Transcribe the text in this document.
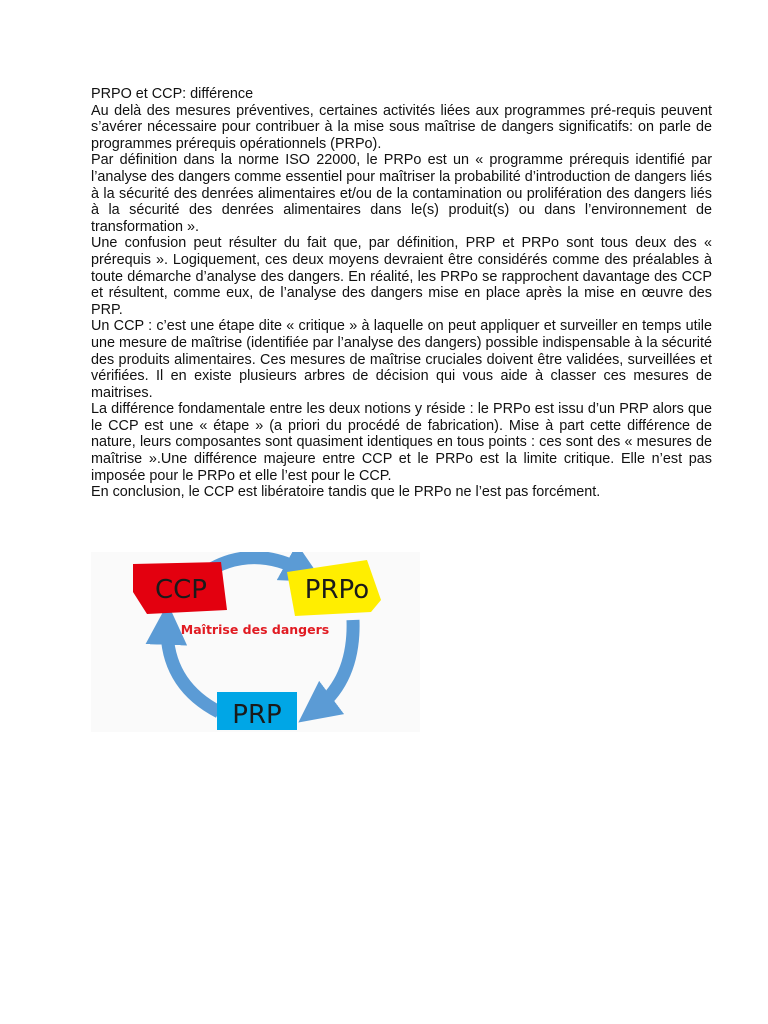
PRPO et CCP: différence

Au delà des mesures préventives, certaines activités liées aux programmes pré-requis peuvent s’avérer nécessaire pour contribuer à la mise sous maîtrise de dangers significatifs: on parle de programmes prérequis opérationnels (PRPo).

Par définition dans la norme ISO 22000, le PRPo est un « programme prérequis identifié par l’analyse des dangers comme essentiel pour maîtriser la probabilité d’introduction de dangers liés à la sécurité des denrées alimentaires et/ou de la contamination ou prolifération des dangers liés à la sécurité des denrées alimentaires dans le(s) produit(s) ou dans l’environnement de transformation ».

Une confusion peut résulter du fait que, par définition, PRP et PRPo sont tous deux des « prérequis ». Logiquement, ces deux moyens devraient être considérés comme des préalables à toute démarche d’analyse des dangers. En réalité, les PRPo se rapprochent davantage des CCP et résultent, comme eux, de l’analyse des dangers mise en place après la mise en œuvre des PRP.

Un CCP : c’est une étape dite « critique » à laquelle on peut appliquer et surveiller en temps utile une mesure de maîtrise (identifiée par l’analyse des dangers) possible indispensable à la sécurité des produits alimentaires. Ces mesures de maîtrise cruciales doivent être validées, surveillées et vérifiées. Il en existe plusieurs arbres de décision qui vous aide à classer ces mesures de maitrises.

La différence fondamentale entre les deux notions y réside : le PRPo est issu d’un PRP alors que le CCP est une « étape » (a priori du procédé de fabrication). Mise à part cette différence de nature, leurs composantes sont quasiment identiques en tous points : ces sont des « mesures de maîtrise ».Une différence majeure entre CCP et le PRPo est la limite critique. Elle n’est pas imposée pour le PRPo et elle l’est pour le CCP.

En conclusion, le CCP est libératoire tandis que le PRPo ne l’est pas forcément.

CCP	PRPo
PRP
Maîtrise des dangers
